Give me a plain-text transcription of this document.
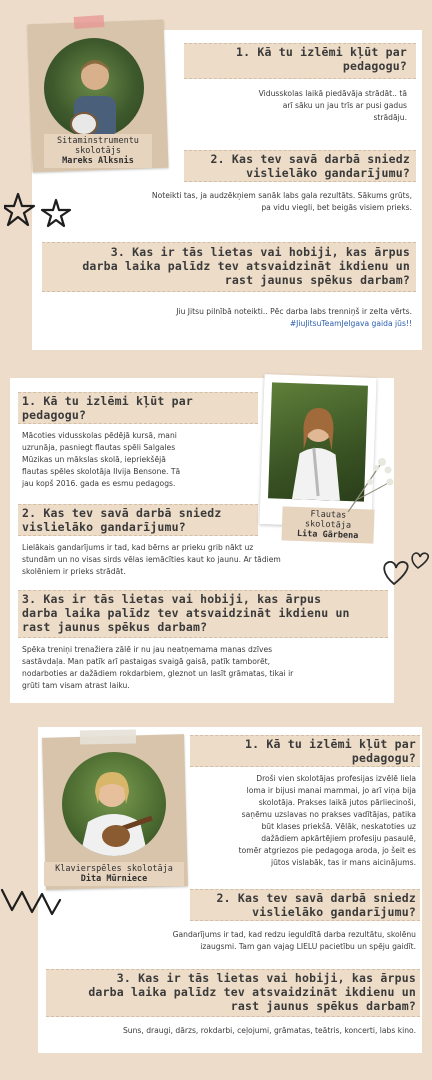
1. Kā tu izlēmi kļūt par pedagogu?
Vidusskolas laikā piedāvāja strādāt.. tā
arī sāku un jau trīs ar pusi gadus
strādāju.
2. Kas tev savā darbā sniedz
vislielāko gandarījumu?
Noteikti tas, ja audzēkņiem sanāk labs gala rezultāts. Sākums grūts,
pa vidu viegli, bet beigās visiem prieks.
3. Kas ir tās lietas vai hobiji, kas ārpus
darba laika palīdz tev atsvaidzināt ikdienu un
rast jaunus spēkus darbam?
Jiu Jitsu pilnībā noteikti.. Pēc darba labs trenniņš ir zelta vērts.
#JiuJitsuTeamJelgava gaida jūs!!
Sitaminstrumentu
skolotājs
Mareks Alksnis
1. Kā tu izlēmi kļūt par
pedagogu?
Mācoties vidusskolas pēdējā kursā, mani
uzrunāja, pasniegt flautas spēli Salgales
Mūzikas un mākslas skolā, iepriekšējā
flautas spēles skolotāja Ilvija Bensone. Tā
jau kopš 2016. gada es esmu pedagogs.
2. Kas tev savā darbā sniedz
vislielāko gandarījumu?
Lielākais gandarījums ir tad, kad bērns ar prieku grib nākt uz
stundām un no visas sirds vēlas iemācīties kaut ko jaunu. Ar tādiem
skolēniem ir prieks strādāt.
3. Kas ir tās lietas vai hobiji, kas ārpus
darba laika palīdz tev atsvaidzināt ikdienu un
rast jaunus spēkus darbam?
Spēka treniņi trenažiera zālē ir nu jau neatņemama manas dzīves
sastāvdaļa. Man patīk arī pastaigas svaigā gaisā, patīk tamborēt,
nodarboties ar dažādiem rokdarbiem, gleznot un lasīt grāmatas, tikai ir
grūti tam visam atrast laiku.
Flautas skolotāja
Lita Gārbena
1. Kā tu izlēmi kļūt par
pedagogu?
Droši vien skolotājas profesijas izvēlē liela
loma ir bijusi manai mammai, jo arī viņa bija
skolotāja. Prakses laikā jutos pārliecinoši,
saņēmu uzslavas no prakses vadītājas, patika
būt klases priekšā. Vēlāk, neskatoties uz
dažādiem apkārtējiem profesiju pasaulē,
tomēr atgriezos pie pedagoga aroda, jo šeit es
jūtos vislabāk, tas ir mans aicinājums.
2. Kas tev savā darbā sniedz
vislielāko gandarījumu?
Gandarījums ir tad, kad redzu ieguldītā darba rezultātu, skolēnu
izaugsmi. Tam gan vajag LIELU pacietību un spēju gaidīt.
3. Kas ir tās lietas vai hobiji, kas ārpus
darba laika palīdz tev atsvaidzināt ikdienu un
rast jaunus spēkus darbam?
Suns, draugi, dārzs, rokdarbi, ceļojumi, grāmatas, teātris, koncerti, labs kino.
Klavierspēles skolotāja
Dita Mūrniece
